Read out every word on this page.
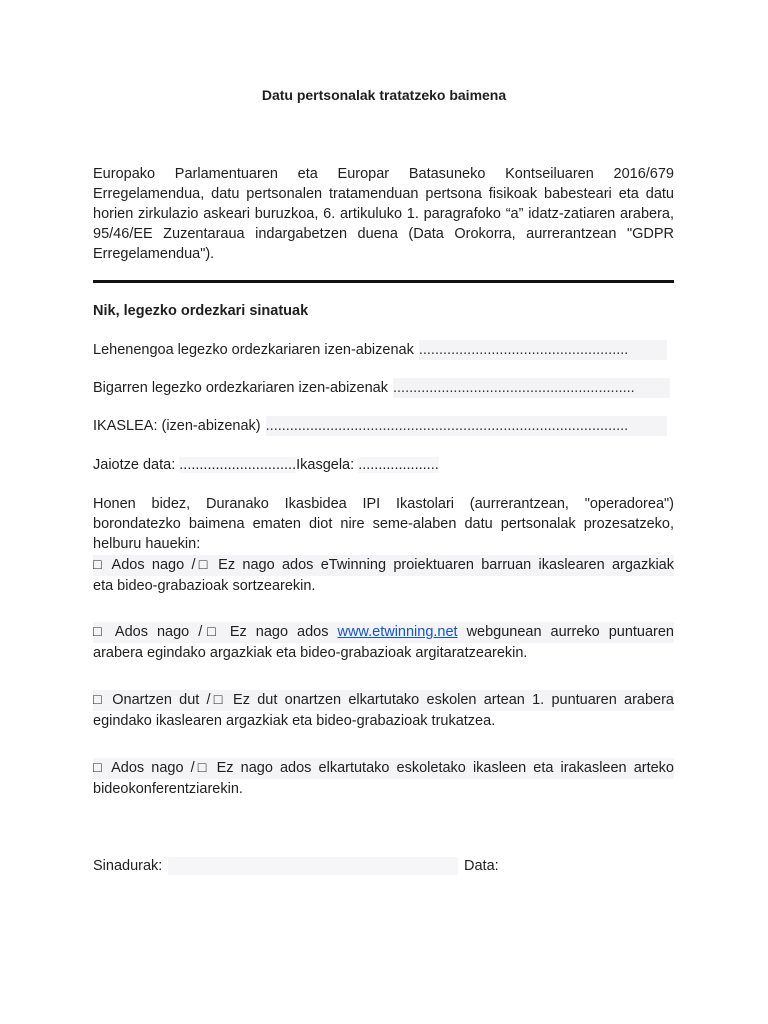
Datu pertsonalak tratatzeko baimena
Europako Parlamentuaren eta Europar Batasuneko Kontseiluaren 2016/679 Erregelamendua, datu pertsonalen tratamenduan pertsona fisikoak babesteari eta datu horien zirkulazio askeari buruzkoa, 6. artikuluko 1. paragrafoko “a” idatz-zatiaren arabera, 95/46/EE Zuzentaraua indargabetzen duena (Data Orokorra, aurrerantzean "GDPR Erregelamendua").
Nik, legezko ordezkari sinatuak
Lehenengoa legezko ordezkariaren izen-abizenak ....................................................
Bigarren legezko ordezkariaren izen-abizenak ............................................................
IKASLEA: (izen-abizenak) ..........................................................................................
Jaiotze data: .............................Ikasgela: ....................
Honen bidez, Duranako Ikasbidea IPI Ikastolari (aurrerantzean, "operadorea") borondatezko baimena ematen diot nire seme-alaben datu pertsonalak prozesatzeko, helburu hauekin:
□ Ados nago /□ Ez nago ados eTwinning proiektuaren barruan ikaslearen argazkiak
eta bideo-grabazioak sortzearekin.
□ Ados nago /□ Ez nago ados www.etwinning.net webgunean aurreko puntuaren
arabera egindako argazkiak eta bideo-grabazioak argitaratzearekin.
□ Onartzen dut /□ Ez dut onartzen elkartutako eskolen artean 1. puntuaren arabera
egindako ikaslearen argazkiak eta bideo-grabazioak trukatzea.
□ Ados nago /□ Ez nago ados elkartutako eskoletako ikasleen eta irakasleen arteko
bideokonferentziarekin.
Sinadurak:	Data:
